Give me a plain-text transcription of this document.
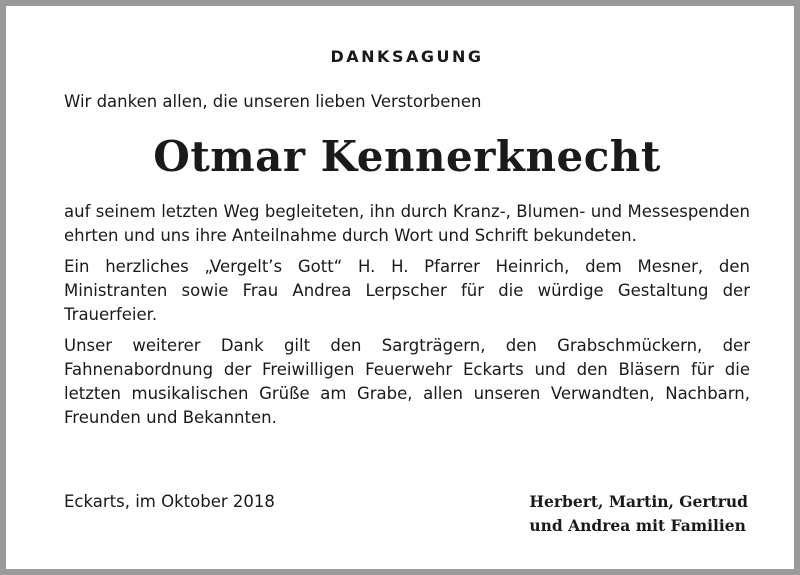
DANKSAGUNG
Wir danken allen, die unseren lieben Verstorbenen
Otmar Kennerknecht

auf seinem letzten Weg begleiteten, ihn durch Kranz-, Blumen- und Messespenden ehrten und uns ihre Anteilnahme durch Wort und Schrift bekundeten.

Ein herzliches „Vergelt’s Gott“ H. H. Pfarrer Heinrich, dem Mesner, den Ministranten sowie Frau Andrea Lerpscher für die würdige Gestaltung der Trauerfeier.

Unser weiterer Dank gilt den Sargträgern, den Grabschmückern, der Fahnenabordnung der Freiwilligen Feuerwehr Eckarts und den Bläsern für die letzten musikalischen Grüße am Grabe, allen unseren Verwandten, Nachbarn, Freunden und Bekannten.

Eckarts, im Oktober 2018	Herbert, Martin, Gertrud
und Andrea mit Familien
